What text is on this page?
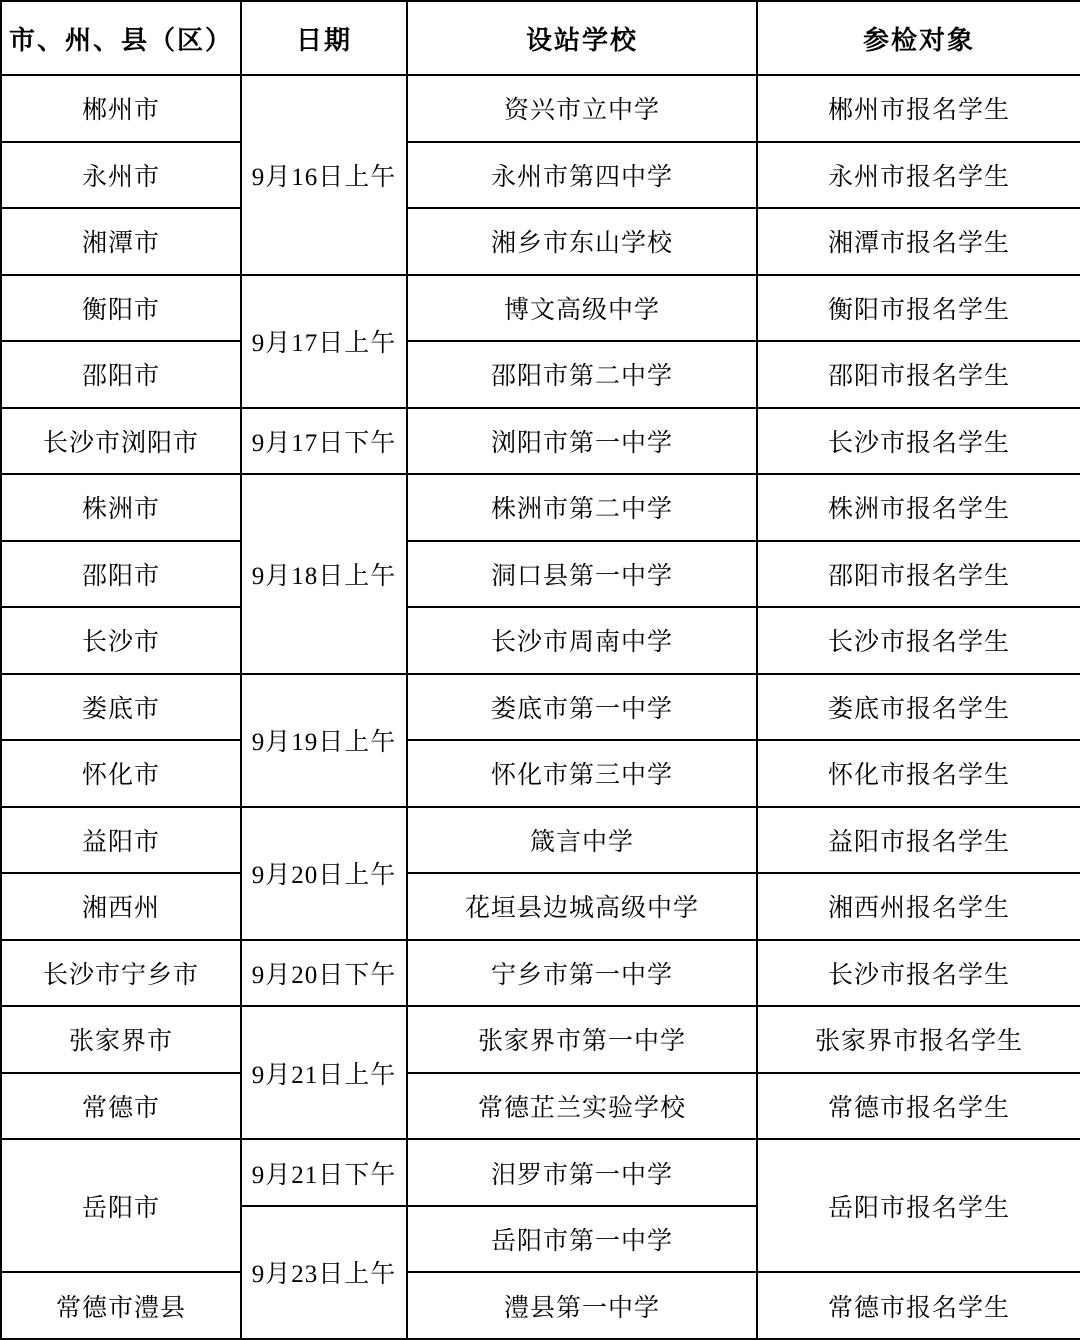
市、州、县（区）	日期	设站学校	参检对象
郴州市	9月16日上午	资兴市立中学	郴州市报名学生
永州市		永州市第四中学	永州市报名学生
湘潭市		湘乡市东山学校	湘潭市报名学生
衡阳市	9月17日上午	博文高级中学	衡阳市报名学生
邵阳市		邵阳市第二中学	邵阳市报名学生
长沙市浏阳市	9月17日下午	浏阳市第一中学	长沙市报名学生
株洲市	9月18日上午	株洲市第二中学	株洲市报名学生
邵阳市		洞口县第一中学	邵阳市报名学生
长沙市		长沙市周南中学	长沙市报名学生
娄底市	9月19日上午	娄底市第一中学	娄底市报名学生
怀化市		怀化市第三中学	怀化市报名学生
益阳市	9月20日上午	箴言中学	益阳市报名学生
湘西州		花垣县边城高级中学	湘西州报名学生
长沙市宁乡市	9月20日下午	宁乡市第一中学	长沙市报名学生
张家界市	9月21日上午	张家界市第一中学	张家界市报名学生
常德市		常德芷兰实验学校	常德市报名学生
岳阳市	9月21日下午	汨罗市第一中学	岳阳市报名学生
	9月23日上午	岳阳市第一中学	
常德市澧县		澧县第一中学	常德市报名学生
